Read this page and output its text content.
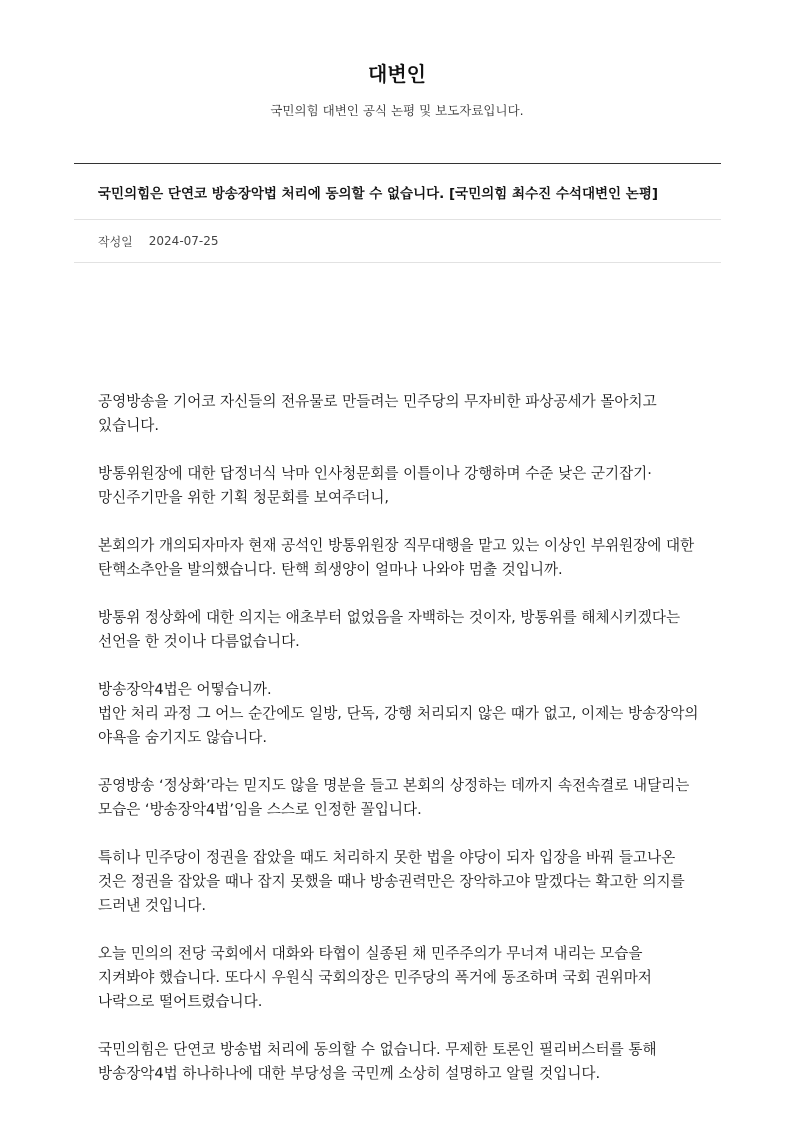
대변인
국민의힘 대변인 공식 논평 및 보도자료입니다.
국민의힘은 단연코 방송장악법 처리에 동의할 수 없습니다. [국민의힘 최수진 수석대변인 논평]
작성일 2024-07-25

공영방송을 기어코 자신들의 전유물로 만들려는 민주당의 무자비한 파상공세가 몰아치고 있습니다.

방통위원장에 대한 답정너식 낙마 인사청문회를 이틀이나 강행하며 수준 낮은 군기잡기·망신주기만을 위한 기획 청문회를 보여주더니,

본회의가 개의되자마자 현재 공석인 방통위원장 직무대행을 맡고 있는 이상인 부위원장에 대한 탄핵소추안을 발의했습니다. 탄핵 희생양이 얼마나 나와야 멈출 것입니까.

방통위 정상화에 대한 의지는 애초부터 없었음을 자백하는 것이자, 방통위를 해체시키겠다는 선언을 한 것이나 다름없습니다.

방송장악4법은 어떻습니까.
법안 처리 과정 그 어느 순간에도 일방, 단독, 강행 처리되지 않은 때가 없고, 이제는 방송장악의 야욕을 숨기지도 않습니다.

공영방송 ‘정상화’라는 믿지도 않을 명분을 들고 본회의 상정하는 데까지 속전속결로 내달리는 모습은 ‘방송장악4법’임을 스스로 인정한 꼴입니다.

특히나 민주당이 정권을 잡았을 때도 처리하지 못한 법을 야당이 되자 입장을 바꿔 들고나온 것은 정권을 잡았을 때나 잡지 못했을 때나 방송권력만은 장악하고야 말겠다는 확고한 의지를 드러낸 것입니다.

오늘 민의의 전당 국회에서 대화와 타협이 실종된 채 민주주의가 무너져 내리는 모습을 지켜봐야 했습니다. 또다시 우원식 국회의장은 민주당의 폭거에 동조하며 국회 권위마저 나락으로 떨어트렸습니다.

국민의힘은 단연코 방송법 처리에 동의할 수 없습니다. 무제한 토론인 필리버스터를 통해 방송장악4법 하나하나에 대한 부당성을 국민께 소상히 설명하고 알릴 것입니다.
